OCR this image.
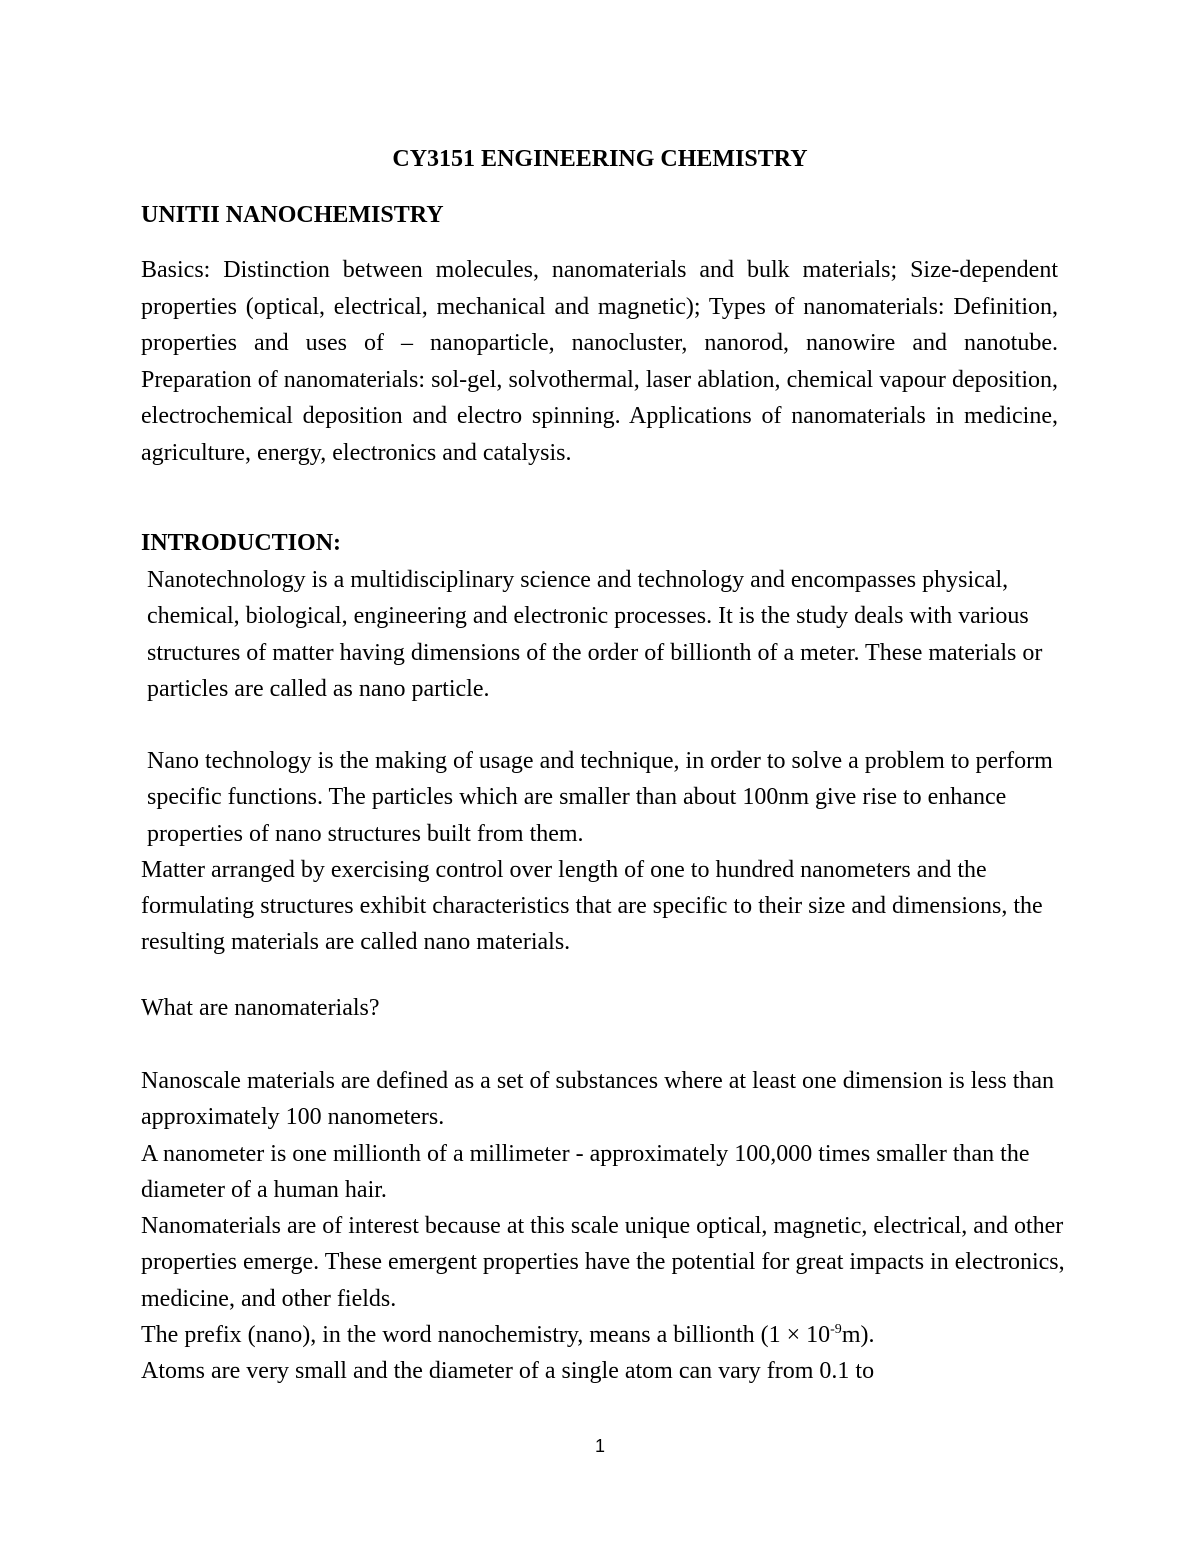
CY3151 ENGINEERING CHEMISTRY
UNITII NANOCHEMISTRY

Basics: Distinction between molecules, nanomaterials and bulk materials; Size-dependent properties (optical, electrical, mechanical and magnetic); Types of nanomaterials: Definition, properties and uses of – nanoparticle, nanocluster, nanorod, nanowire and nanotube. Preparation of nanomaterials: sol-gel, solvothermal, laser ablation, chemical vapour deposition, electrochemical deposition and electro spinning. Applications of nanomaterials in medicine, agriculture, energy, electronics and catalysis.

INTRODUCTION:

Nanotechnology is a multidisciplinary science and technology and encompasses physical, chemical, biological, engineering and electronic processes. It is the study deals with various structures of matter having dimensions of the order of billionth of a meter. These materials or particles are called as nano particle.

Nano technology is the making of usage and technique, in order to solve a problem to perform specific functions. The particles which are smaller than about 100nm give rise to enhance properties of nano structures built from them.
Matter arranged by exercising control over length of one to hundred nanometers and the formulating structures exhibit characteristics that are specific to their size and dimensions, the resulting materials are called nano materials.

What are nanomaterials?

Nanoscale materials are defined as a set of substances where at least one dimension is less than approximately 100 nanometers.
A nanometer is one millionth of a millimeter - approximately 100,000 times smaller than the diameter of a human hair.
Nanomaterials are of interest because at this scale unique optical, magnetic, electrical, and other properties emerge. These emergent properties have the potential for great impacts in electronics, medicine, and other fields.
The prefix (nano), in the word nanochemistry, means a billionth $(1 \times 10^{-9}m)$.
Atoms are very small and the diameter of a single atom can vary from 0.1 to

1
